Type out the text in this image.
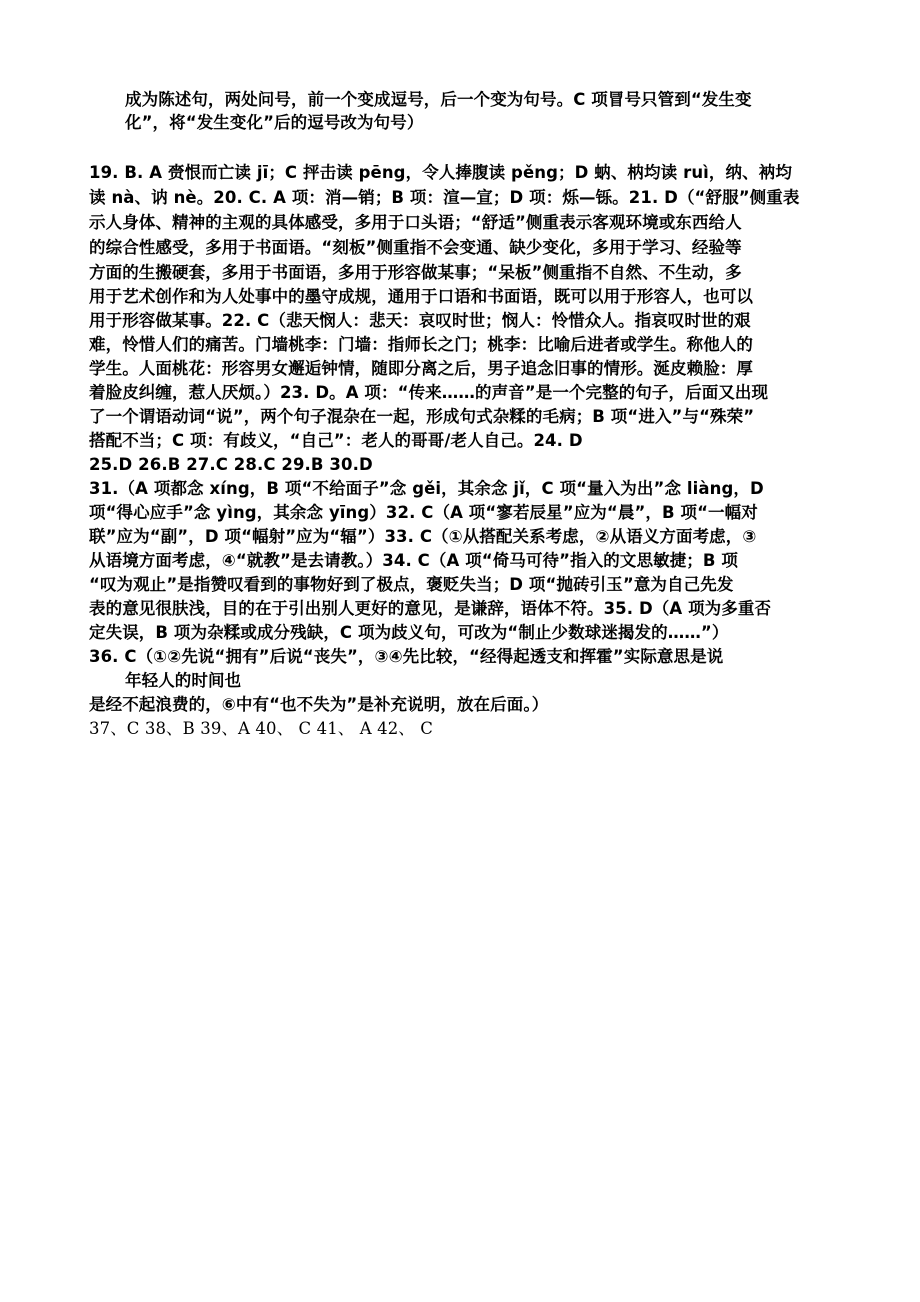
成为陈述句，两处问号，前一个变成逗号，后一个变为句号。C 项冒号只管到“发生变
化”，将“发生变化”后的逗号改为句号）
19. B. A 赍恨而亡读 jī；C 抨击读 pēng，令人捧腹读 pěng；D 蚋、枘均读 ruì，纳、衲均
读 nà、讷 nè。20. C. A 项：消—销；B 项：渲—宣；D 项：烁—铄。21. D（“舒服”侧重表
示人身体、精神的主观的具体感受，多用于口头语；“舒适”侧重表示客观环境或东西给人
的综合性感受，多用于书面语。“刻板”侧重指不会变通、缺少变化，多用于学习、经验等
方面的生搬硬套，多用于书面语，多用于形容做某事；“呆板”侧重指不自然、不生动，多
用于艺术创作和为人处事中的墨守成规，通用于口语和书面语，既可以用于形容人，也可以
用于形容做某事。22. C（悲天悯人：悲天：哀叹时世；悯人：怜惜众人。指哀叹时世的艰
难，怜惜人们的痛苦。门墙桃李：门墙：指师长之门；桃李：比喻后进者或学生。称他人的
学生。人面桃花：形容男女邂逅钟情，随即分离之后，男子追念旧事的情形。涎皮赖脸：厚
着脸皮纠缠，惹人厌烦。）23. D。A 项：“传来……的声音”是一个完整的句子，后面又出现
了一个谓语动词“说”，两个句子混杂在一起，形成句式杂糅的毛病；B 项“进入”与“殊荣”
搭配不当；C 项：有歧义，“自己”：老人的哥哥/老人自己。24. D
25.D 26.B 27.C 28.C 29.B 30.D
31.（A 项都念 xíng，B 项“不给面子”念 gěi，其余念 jǐ，C 项“量入为出”念 liàng，D
项“得心应手”念 yìng，其余念 yīng）32. C（A 项“寥若辰星”应为“晨”，B 项“一幅对
联”应为“副”，D 项“幅射”应为“辐”）33. C（①从搭配关系考虑，②从语义方面考虑，③
从语境方面考虑，④“就教”是去请教。）34. C（A 项“倚马可待”指入的文思敏捷；B 项
“叹为观止”是指赞叹看到的事物好到了极点，褒贬失当；D 项“抛砖引玉”意为自己先发
表的意见很肤浅，目的在于引出别人更好的意见，是谦辞，语体不符。35. D（A 项为多重否
定失误，B 项为杂糅或成分残缺，C 项为歧义句，可改为“制止少数球迷揭发的……”）
36. C（①②先说“拥有”后说“丧失”，③④先比较，“经得起透支和挥霍”实际意思是说
年轻人的时间也
是经不起浪费的，⑥中有“也不失为”是补充说明，放在后面。）
37、C 38、B 39、A 40、 C 41、 A 42、 C
